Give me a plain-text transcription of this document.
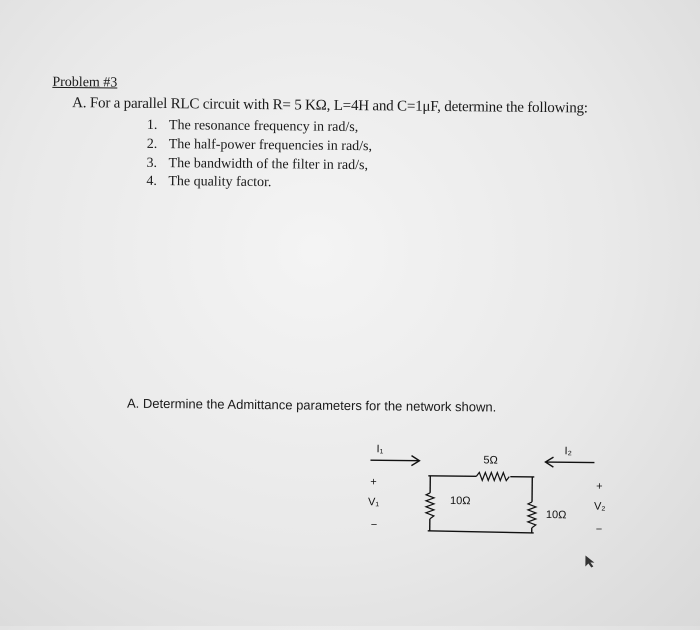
Problem #3
A. For a parallel RLC circuit with R= 5 KΩ, L=4H and C=1μF, determine the following:
1. The resonance frequency in rad/s,
2. The half-power frequencies in rad/s,
3. The bandwidth of the filter in rad/s,
4. The quality factor.
A. Determine the Admittance parameters for the network shown.
I₁	I₂
5Ω
10Ω
10Ω
+
V₁
−
+
V₂
−
